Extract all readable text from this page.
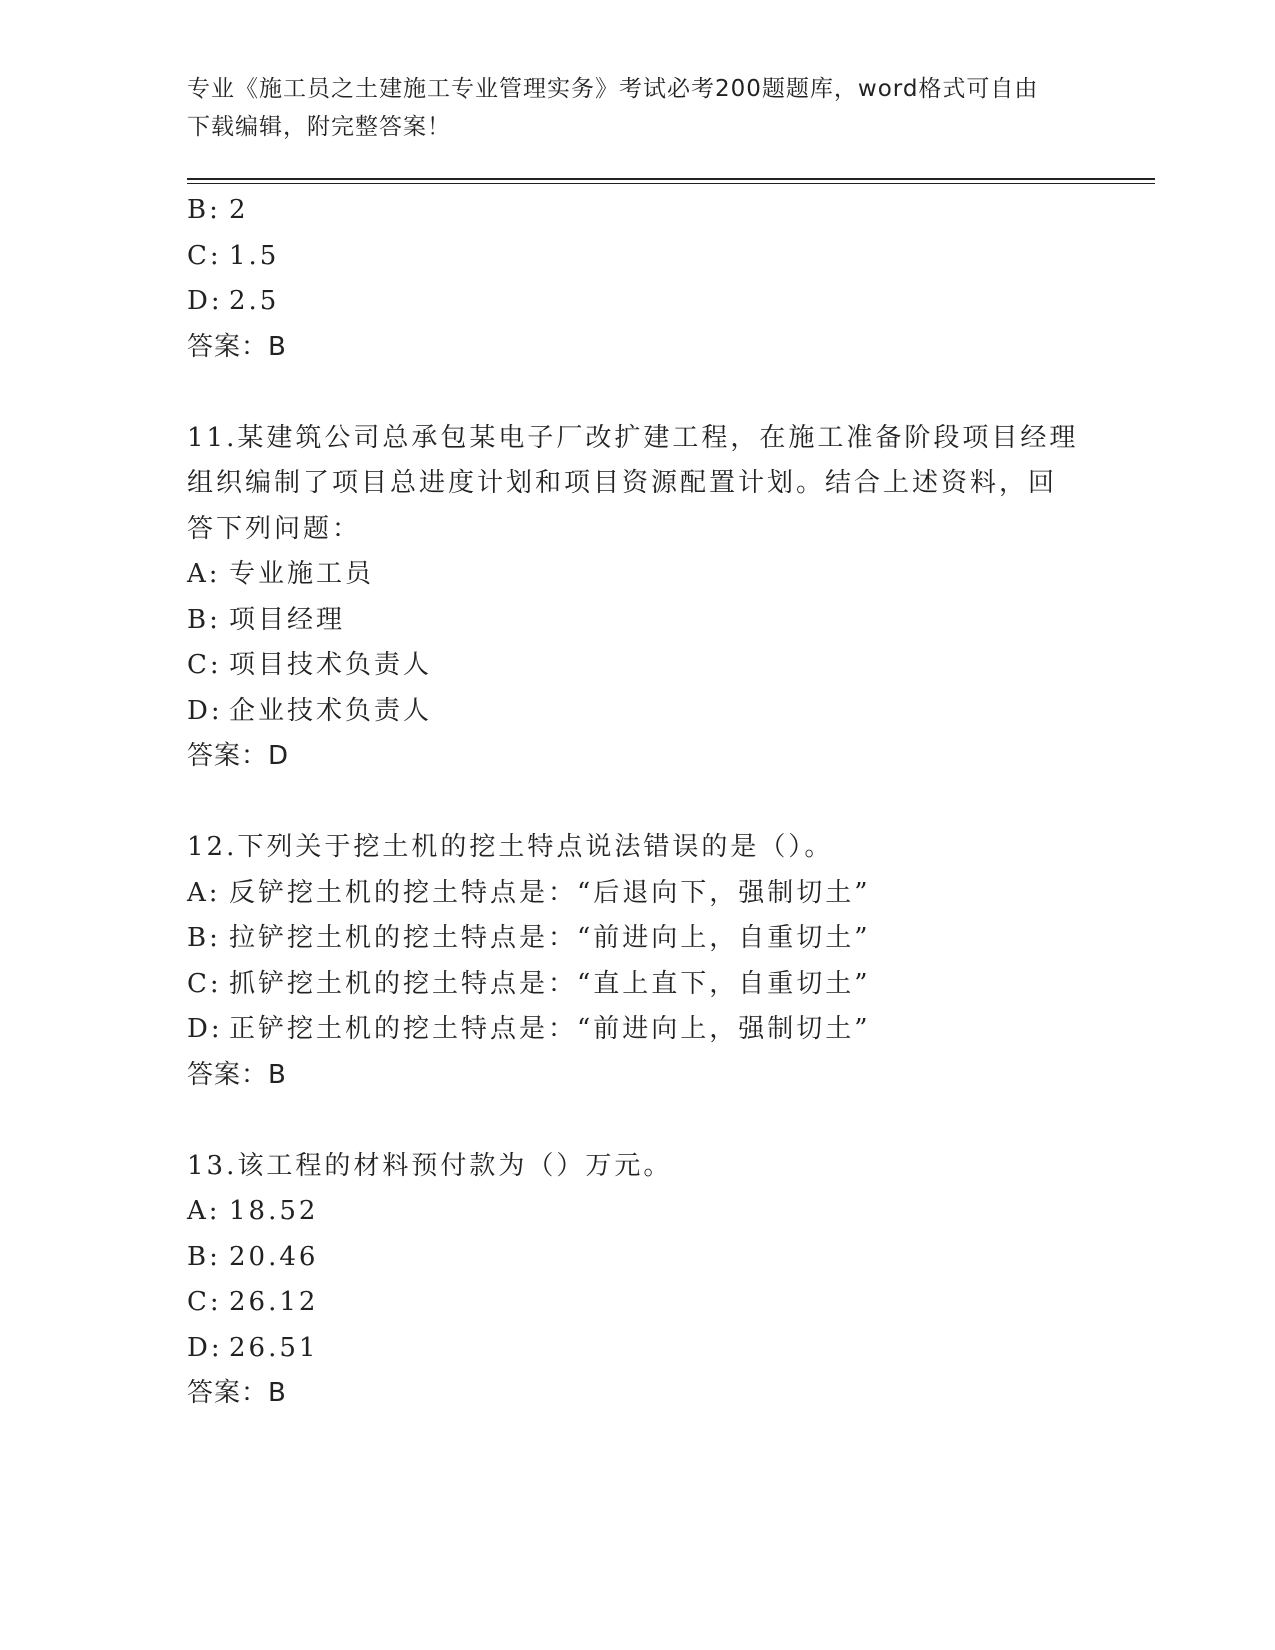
专业《施工员之土建施工专业管理实务》考试必考200题题库，word格式可自由
下载编辑，附完整答案！
B: 2
C: 1.5
D: 2.5
答案：B
11.某建筑公司总承包某电子厂改扩建工程，在施工准备阶段项目经理
组织编制了项目总进度计划和项目资源配置计划。结合上述资料，回
答下列问题：
A: 专业施工员
B: 项目经理
C: 项目技术负责人
D: 企业技术负责人
答案：D
12.下列关于挖土机的挖土特点说法错误的是（）。
A: 反铲挖土机的挖土特点是：“后退向下，强制切土”
B: 拉铲挖土机的挖土特点是：“前进向上，自重切土”
C: 抓铲挖土机的挖土特点是：“直上直下，自重切土”
D: 正铲挖土机的挖土特点是：“前进向上，强制切土”
答案：B
13.该工程的材料预付款为（）万元。
A: 18.52
B: 20.46
C: 26.12
D: 26.51
答案：B
